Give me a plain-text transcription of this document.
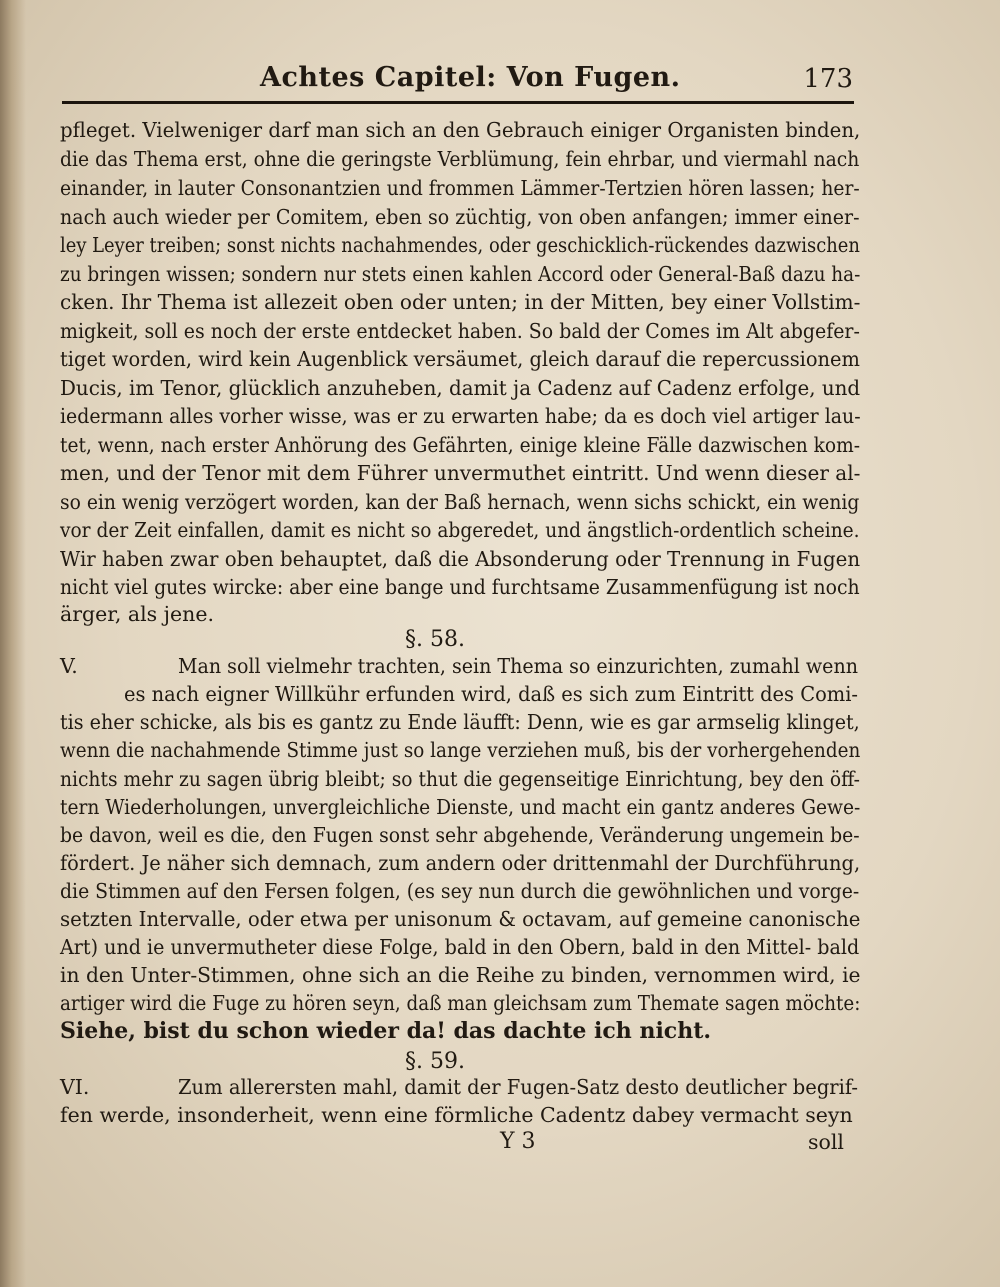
Achtes Capitel: Von Fugen.	173
pfleget. Vielweniger darf man sich an den Gebrauch einiger Organisten binden,
die das Thema erst, ohne die geringste Verblümung, fein ehrbar, und viermahl nach
einander, in lauter Consonantzien und frommen Lämmer-Tertzien hören lassen; her-
nach auch wieder per Comitem, eben so züchtig, von oben anfangen; immer einer-
ley Leyer treiben; sonst nichts nachahmendes, oder geschicklich-rückendes dazwischen
zu bringen wissen; sondern nur stets einen kahlen Accord oder General-Baß dazu ha-
cken. Ihr Thema ist allezeit oben oder unten; in der Mitten, bey einer Vollstim-
migkeit, soll es noch der erste entdecket haben. So bald der Comes im Alt abgefer-
tiget worden, wird kein Augenblick versäumet, gleich darauf die repercussionem
Ducis, im Tenor, glücklich anzuheben, damit ja Cadenz auf Cadenz erfolge, und
iedermann alles vorher wisse, was er zu erwarten habe; da es doch viel artiger lau-
tet, wenn, nach erster Anhörung des Gefährten, einige kleine Fälle dazwischen kom-
men, und der Tenor mit dem Führer unvermuthet eintritt. Und wenn dieser al-
so ein wenig verzögert worden, kan der Baß hernach, wenn sichs schickt, ein wenig
vor der Zeit einfallen, damit es nicht so abgeredet, und ängstlich-ordentlich scheine.
Wir haben zwar oben behauptet, daß die Absonderung oder Trennung in Fugen
nicht viel gutes wircke: aber eine bange und furchtsame Zusammenfügung ist noch
ärger, als jene.
§. 58.
V.	Man soll vielmehr trachten, sein Thema so einzurichten, zumahl wenn
es nach eigner Willkühr erfunden wird, daß es sich zum Eintritt des Comi-
tis eher schicke, als bis es gantz zu Ende läufft: Denn, wie es gar armselig klinget,
wenn die nachahmende Stimme just so lange verziehen muß, bis der vorhergehenden
nichts mehr zu sagen übrig bleibt; so thut die gegenseitige Einrichtung, bey den öff-
tern Wiederholungen, unvergleichliche Dienste, und macht ein gantz anderes Gewe-
be davon, weil es die, den Fugen sonst sehr abgehende, Veränderung ungemein be-
fördert. Je näher sich demnach, zum andern oder drittenmahl der Durchführung,
die Stimmen auf den Fersen folgen, (es sey nun durch die gewöhnlichen und vorge-
setzten Intervalle, oder etwa per unisonum & octavam, auf gemeine canonische
Art) und ie unvermutheter diese Folge, bald in den Obern, bald in den Mittel- bald
in den Unter-Stimmen, ohne sich an die Reihe zu binden, vernommen wird, ie
artiger wird die Fuge zu hören seyn, daß man gleichsam zum Themate sagen möchte:
Siehe, bist du schon wieder da! das dachte ich nicht.
§. 59.
VI.	Zum allerersten mahl, damit der Fugen-Satz desto deutlicher begrif-
fen werde, insonderheit, wenn eine förmliche Cadentz dabey vermacht seyn
Y 3	soll
